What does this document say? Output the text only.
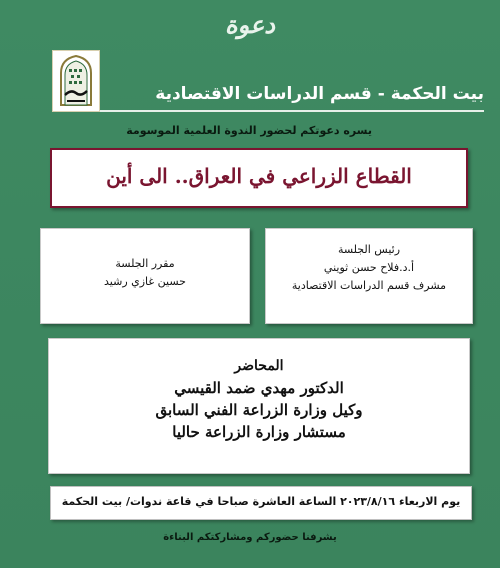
دعوة
بيت الحكمة - قسم الدراسات الاقتصادية
يسره دعوتكم لحضور الندوة العلمية الموسومة
القطاع الزراعي في العراق.. الى أين
رئيس الجلسة
أ.د.فلاح حسن ثويني
مشرف قسم الدراسات الاقتصادية
مقرر الجلسة
حسين غازي رشيد
المحاضر
الدكتور مهدي ضمد القيسي
وكيل وزارة الزراعة الفني السابق
مستشار وزارة الزراعة حاليا
يوم الاربعاء ٢٠٢٣/٨/١٦ الساعة العاشرة صباحا في قاعة ندوات/ بيت الحكمة
يشرفنا حضوركم ومشاركتكم البناءة
